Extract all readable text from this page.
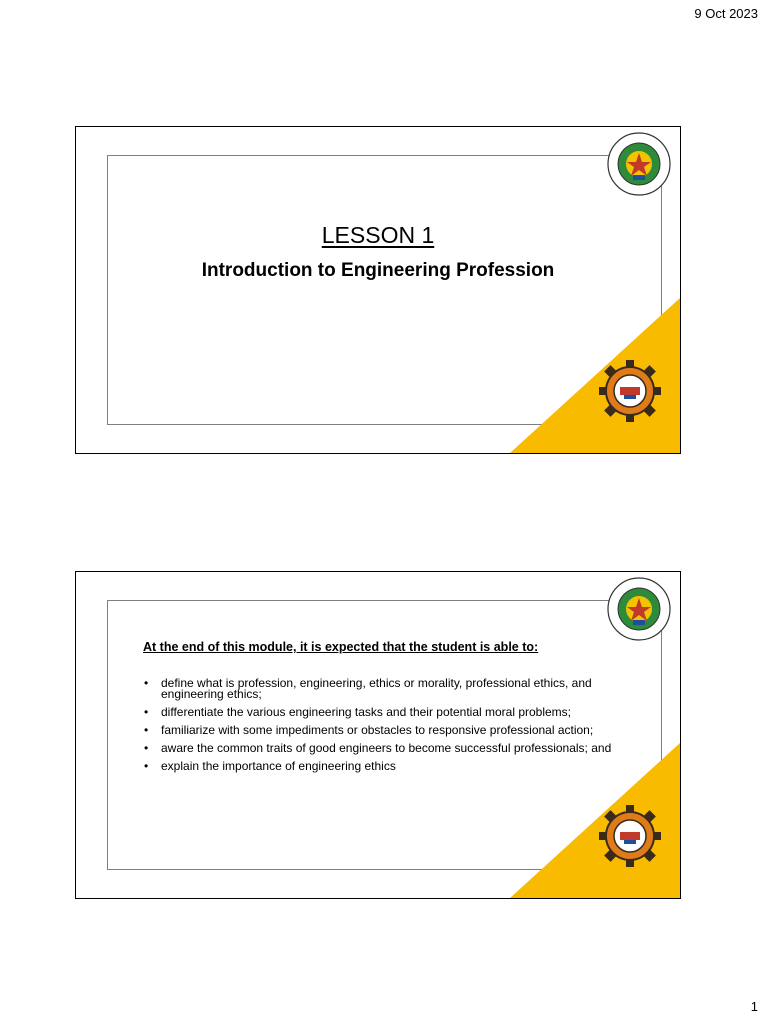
9 Oct 2023
LESSON 1
Introduction to Engineering Profession
At the end of this module, it is expected that the student is able to:
• define what is profession, engineering, ethics or morality, professional ethics, and engineering ethics;
• differentiate the various engineering tasks and their potential moral problems;
• familiarize with some impediments or obstacles to responsive professional action;
• aware the common traits of good engineers to become successful professionals; and
• explain the importance of engineering ethics
1
